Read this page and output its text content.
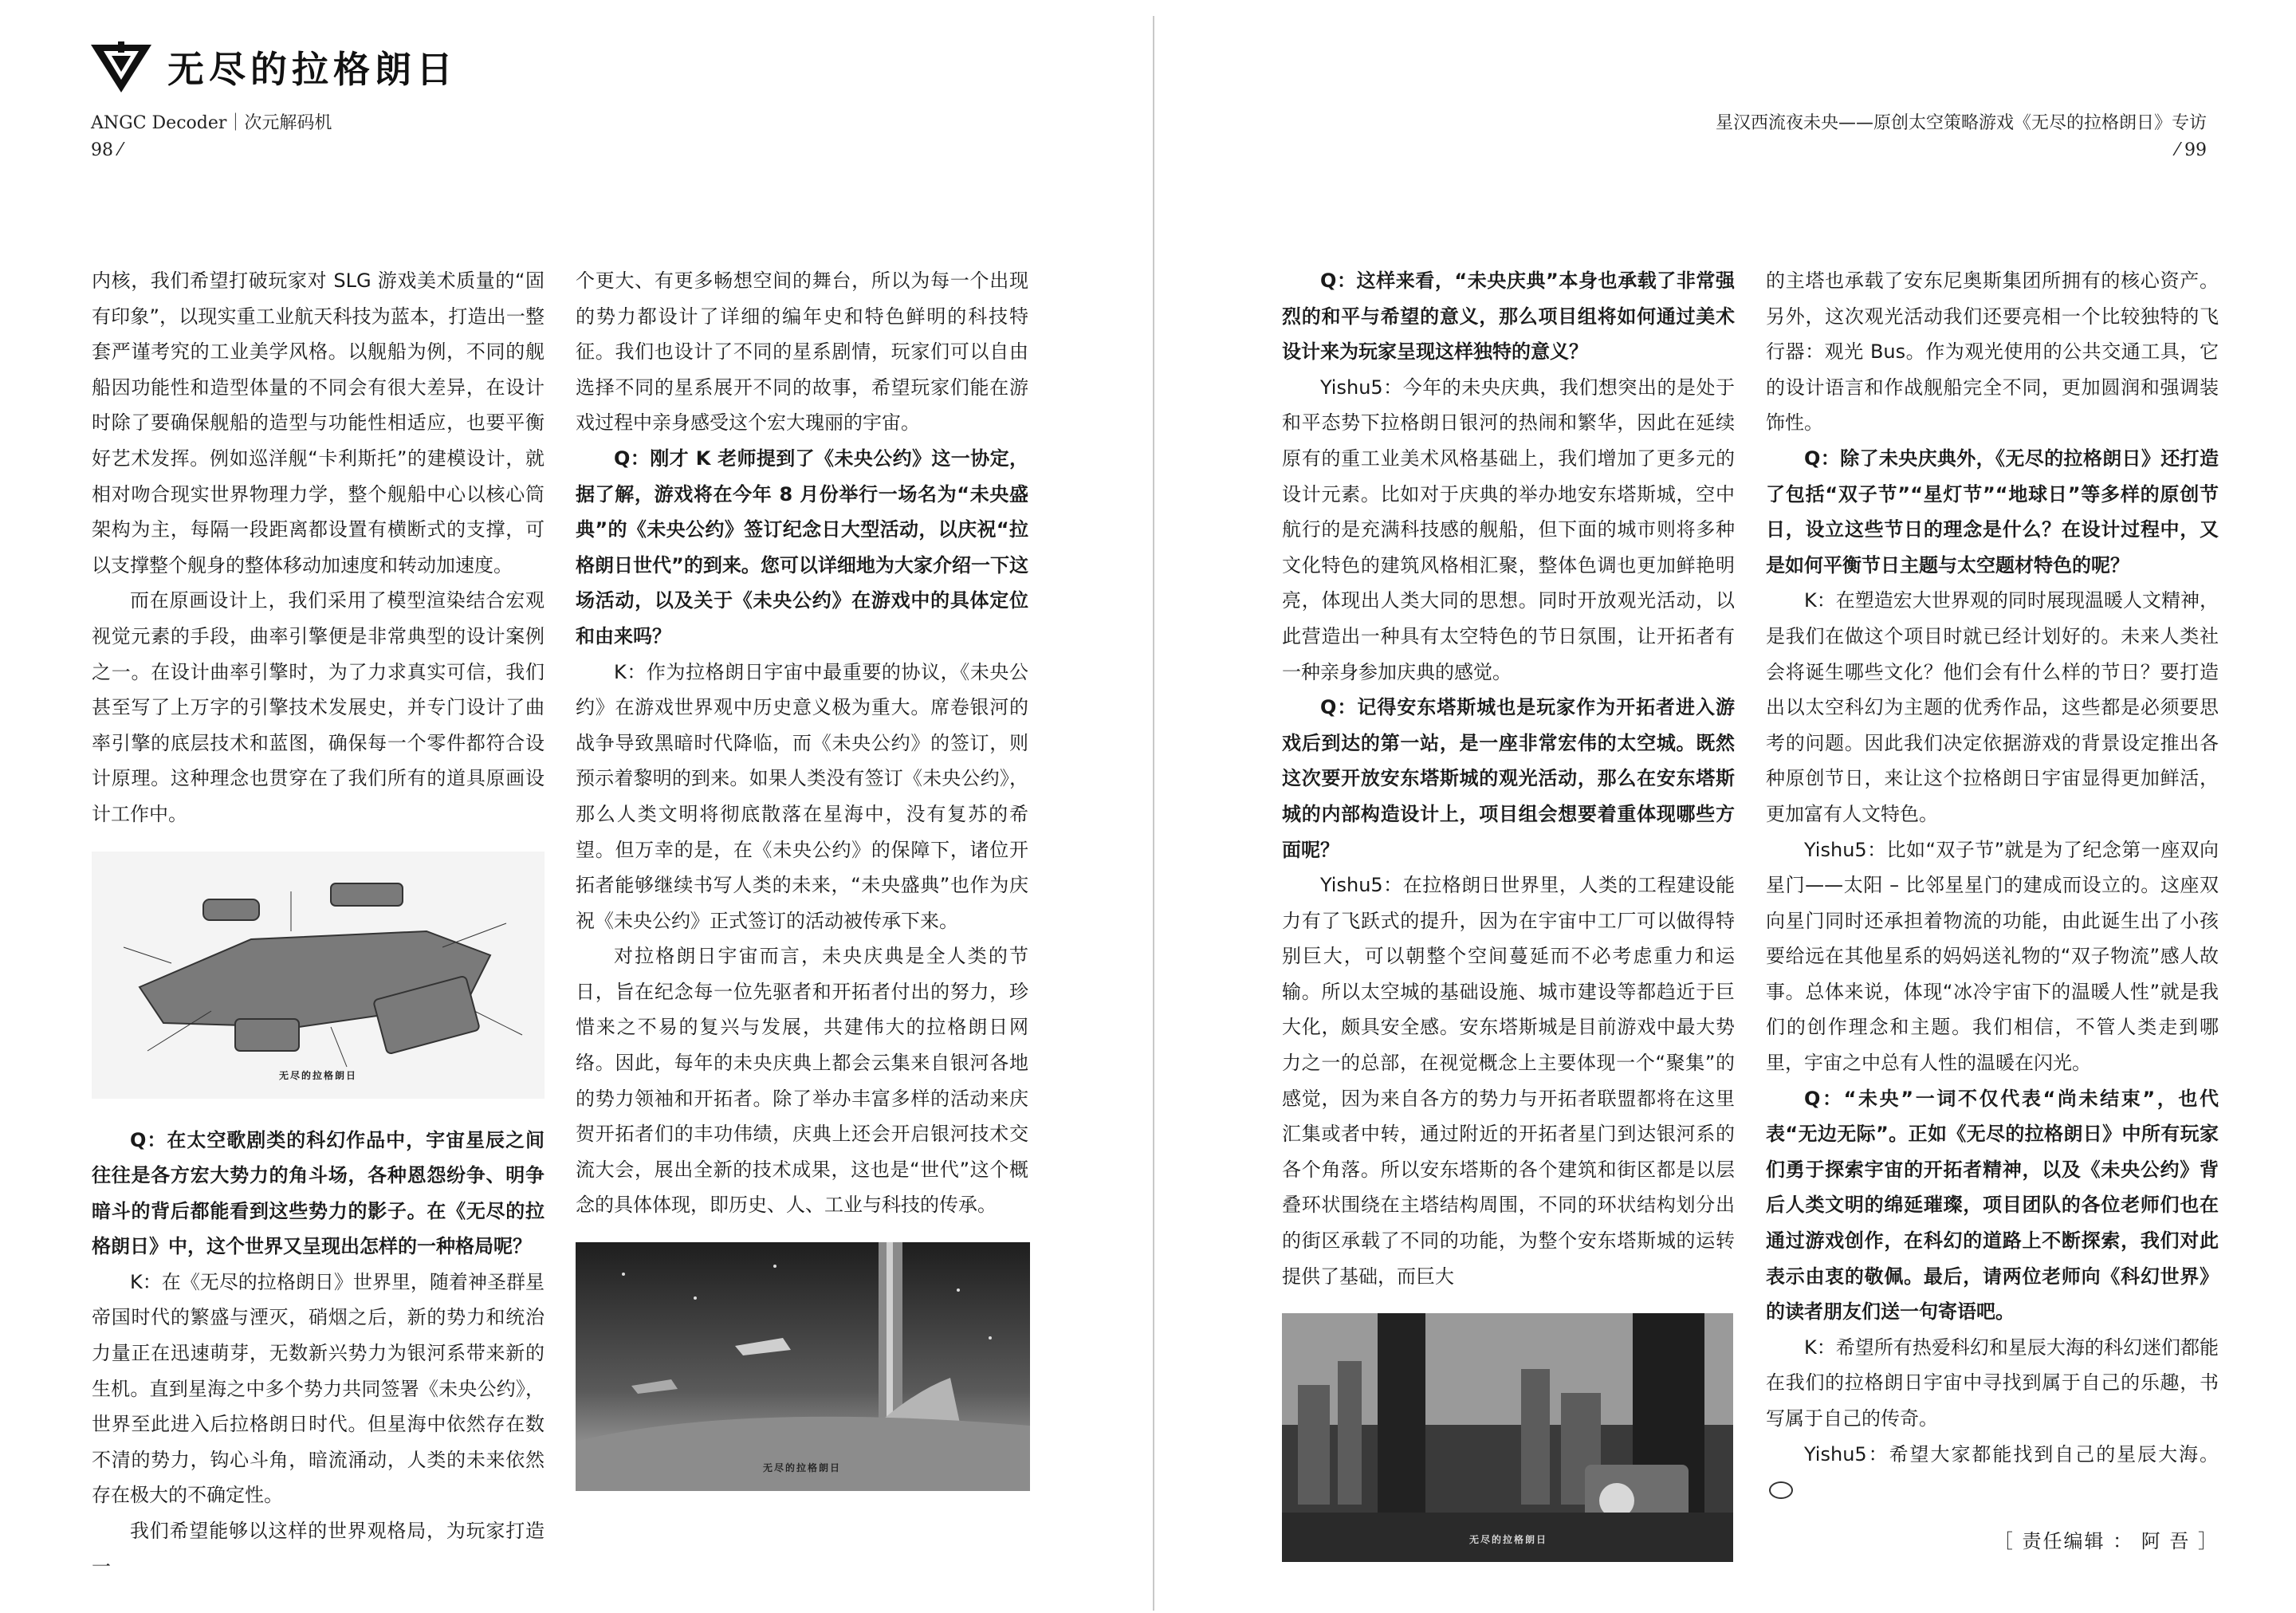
无尽的拉格朗日
ANGC Decoder｜次元解码机
98 ⁄
星汉西流夜未央——原创太空策略游戏《无尽的拉格朗日》专访
⁄ 99

内核，我们希望打破玩家对 SLG 游戏美术质量的“固有印象”，以现实重工业航天科技为蓝本，打造出一整套严谨考究的工业美学风格。以舰船为例，不同的舰船因功能性和造型体量的不同会有很大差异，在设计时除了要确保舰船的造型与功能性相适应，也要平衡好艺术发挥。例如巡洋舰“卡利斯托”的建模设计，就相对吻合现实世界物理力学，整个舰船中心以核心筒架构为主，每隔一段距离都设置有横断式的支撑，可以支撑整个舰身的整体移动加速度和转动加速度。

而在原画设计上，我们采用了模型渲染结合宏观视觉元素的手段，曲率引擎便是非常典型的设计案例之一。在设计曲率引擎时，为了力求真实可信，我们甚至写了上万字的引擎技术发展史，并专门设计了曲率引擎的底层技术和蓝图，确保每一个零件都符合设计原理。这种理念也贯穿在了我们所有的道具原画设计工作中。

无尽的拉格朗日

Q：在太空歌剧类的科幻作品中，宇宙星辰之间往往是各方宏大势力的角斗场，各种恩怨纷争、明争暗斗的背后都能看到这些势力的影子。在《无尽的拉格朗日》中，这个世界又呈现出怎样的一种格局呢？

K：在《无尽的拉格朗日》世界里，随着神圣群星帝国时代的繁盛与湮灭，硝烟之后，新的势力和统治力量正在迅速萌芽，无数新兴势力为银河系带来新的生机。直到星海之中多个势力共同签署《未央公约》，世界至此进入后拉格朗日时代。但星海中依然存在数不清的势力，钩心斗角，暗流涌动，人类的未来依然存在极大的不确定性。

我们希望能够以这样的世界观格局，为玩家打造一

个更大、有更多畅想空间的舞台，所以为每一个出现的势力都设计了详细的编年史和特色鲜明的科技特征。我们也设计了不同的星系剧情，玩家们可以自由选择不同的星系展开不同的故事，希望玩家们能在游戏过程中亲身感受这个宏大瑰丽的宇宙。

Q：刚才 K 老师提到了《未央公约》这一协定，据了解，游戏将在今年 8 月份举行一场名为“未央盛典”的《未央公约》签订纪念日大型活动，以庆祝“拉格朗日世代”的到来。您可以详细地为大家介绍一下这场活动，以及关于《未央公约》在游戏中的具体定位和由来吗？

K：作为拉格朗日宇宙中最重要的协议，《未央公约》在游戏世界观中历史意义极为重大。席卷银河的战争导致黑暗时代降临，而《未央公约》的签订，则预示着黎明的到来。如果人类没有签订《未央公约》，那么人类文明将彻底散落在星海中，没有复苏的希望。但万幸的是，在《未央公约》的保障下，诸位开拓者能够继续书写人类的未来，“未央盛典”也作为庆祝《未央公约》正式签订的活动被传承下来。

对拉格朗日宇宙而言，未央庆典是全人类的节日，旨在纪念每一位先驱者和开拓者付出的努力，珍惜来之不易的复兴与发展，共建伟大的拉格朗日网络。因此，每年的未央庆典上都会云集来自银河各地的势力领袖和开拓者。除了举办丰富多样的活动来庆贺开拓者们的丰功伟绩，庆典上还会开启银河技术交流大会，展出全新的技术成果，这也是“世代”这个概念的具体体现，即历史、人、工业与科技的传承。

无尽的拉格朗日

Q：这样来看，“未央庆典”本身也承载了非常强烈的和平与希望的意义，那么项目组将如何通过美术设计来为玩家呈现这样独特的意义？

Yishu5：今年的未央庆典，我们想突出的是处于和平态势下拉格朗日银河的热闹和繁华，因此在延续原有的重工业美术风格基础上，我们增加了更多元的设计元素。比如对于庆典的举办地安东塔斯城，空中航行的是充满科技感的舰船，但下面的城市则将多种文化特色的建筑风格相汇聚，整体色调也更加鲜艳明亮，体现出人类大同的思想。同时开放观光活动，以此营造出一种具有太空特色的节日氛围，让开拓者有一种亲身参加庆典的感觉。

Q：记得安东塔斯城也是玩家作为开拓者进入游戏后到达的第一站，是一座非常宏伟的太空城。既然这次要开放安东塔斯城的观光活动，那么在安东塔斯城的内部构造设计上，项目组会想要着重体现哪些方面呢？

Yishu5：在拉格朗日世界里，人类的工程建设能力有了飞跃式的提升，因为在宇宙中工厂可以做得特别巨大，可以朝整个空间蔓延而不必考虑重力和运输。所以太空城的基础设施、城市建设等都趋近于巨大化，颇具安全感。安东塔斯城是目前游戏中最大势力之一的总部，在视觉概念上主要体现一个“聚集”的感觉，因为来自各方的势力与开拓者联盟都将在这里汇集或者中转，通过附近的开拓者星门到达银河系的各个角落。所以安东塔斯的各个建筑和街区都是以层叠环状围绕在主塔结构周围，不同的环状结构划分出的街区承载了不同的功能，为整个安东塔斯城的运转提供了基础，而巨大

无尽的拉格朗日

的主塔也承载了安东尼奥斯集团所拥有的核心资产。另外，这次观光活动我们还要亮相一个比较独特的飞行器：观光 Bus。作为观光使用的公共交通工具，它的设计语言和作战舰船完全不同，更加圆润和强调装饰性。

Q：除了未央庆典外，《无尽的拉格朗日》还打造了包括“双子节”“星灯节”“地球日”等多样的原创节日，设立这些节日的理念是什么？在设计过程中，又是如何平衡节日主题与太空题材特色的呢？

K：在塑造宏大世界观的同时展现温暖人文精神，是我们在做这个项目时就已经计划好的。未来人类社会将诞生哪些文化？他们会有什么样的节日？要打造出以太空科幻为主题的优秀作品，这些都是必须要思考的问题。因此我们决定依据游戏的背景设定推出各种原创节日，来让这个拉格朗日宇宙显得更加鲜活，更加富有人文特色。

Yishu5：比如“双子节”就是为了纪念第一座双向星门——太阳 – 比邻星星门的建成而设立的。这座双向星门同时还承担着物流的功能，由此诞生出了小孩要给远在其他星系的妈妈送礼物的“双子物流”感人故事。总体来说，体现“冰冷宇宙下的温暖人性”就是我们的创作理念和主题。我们相信，不管人类走到哪里，宇宙之中总有人性的温暖在闪光。

Q：“未央”一词不仅代表“尚未结束”，也代表“无边无际”。正如《无尽的拉格朗日》中所有玩家们勇于探索宇宙的开拓者精神，以及《未央公约》背后人类文明的绵延璀璨，项目团队的各位老师们也在通过游戏创作，在科幻的道路上不断探索，我们对此表示由衷的敬佩。最后，请两位老师向《科幻世界》的读者朋友们送一句寄语吧。

K：希望所有热爱科幻和星辰大海的科幻迷们都能在我们的拉格朗日宇宙中寻找到属于自己的乐趣，书写属于自己的传奇。

Yishu5：希望大家都能找到自己的星辰大海。

［ 责任编辑 ： 阿 吾 ］
